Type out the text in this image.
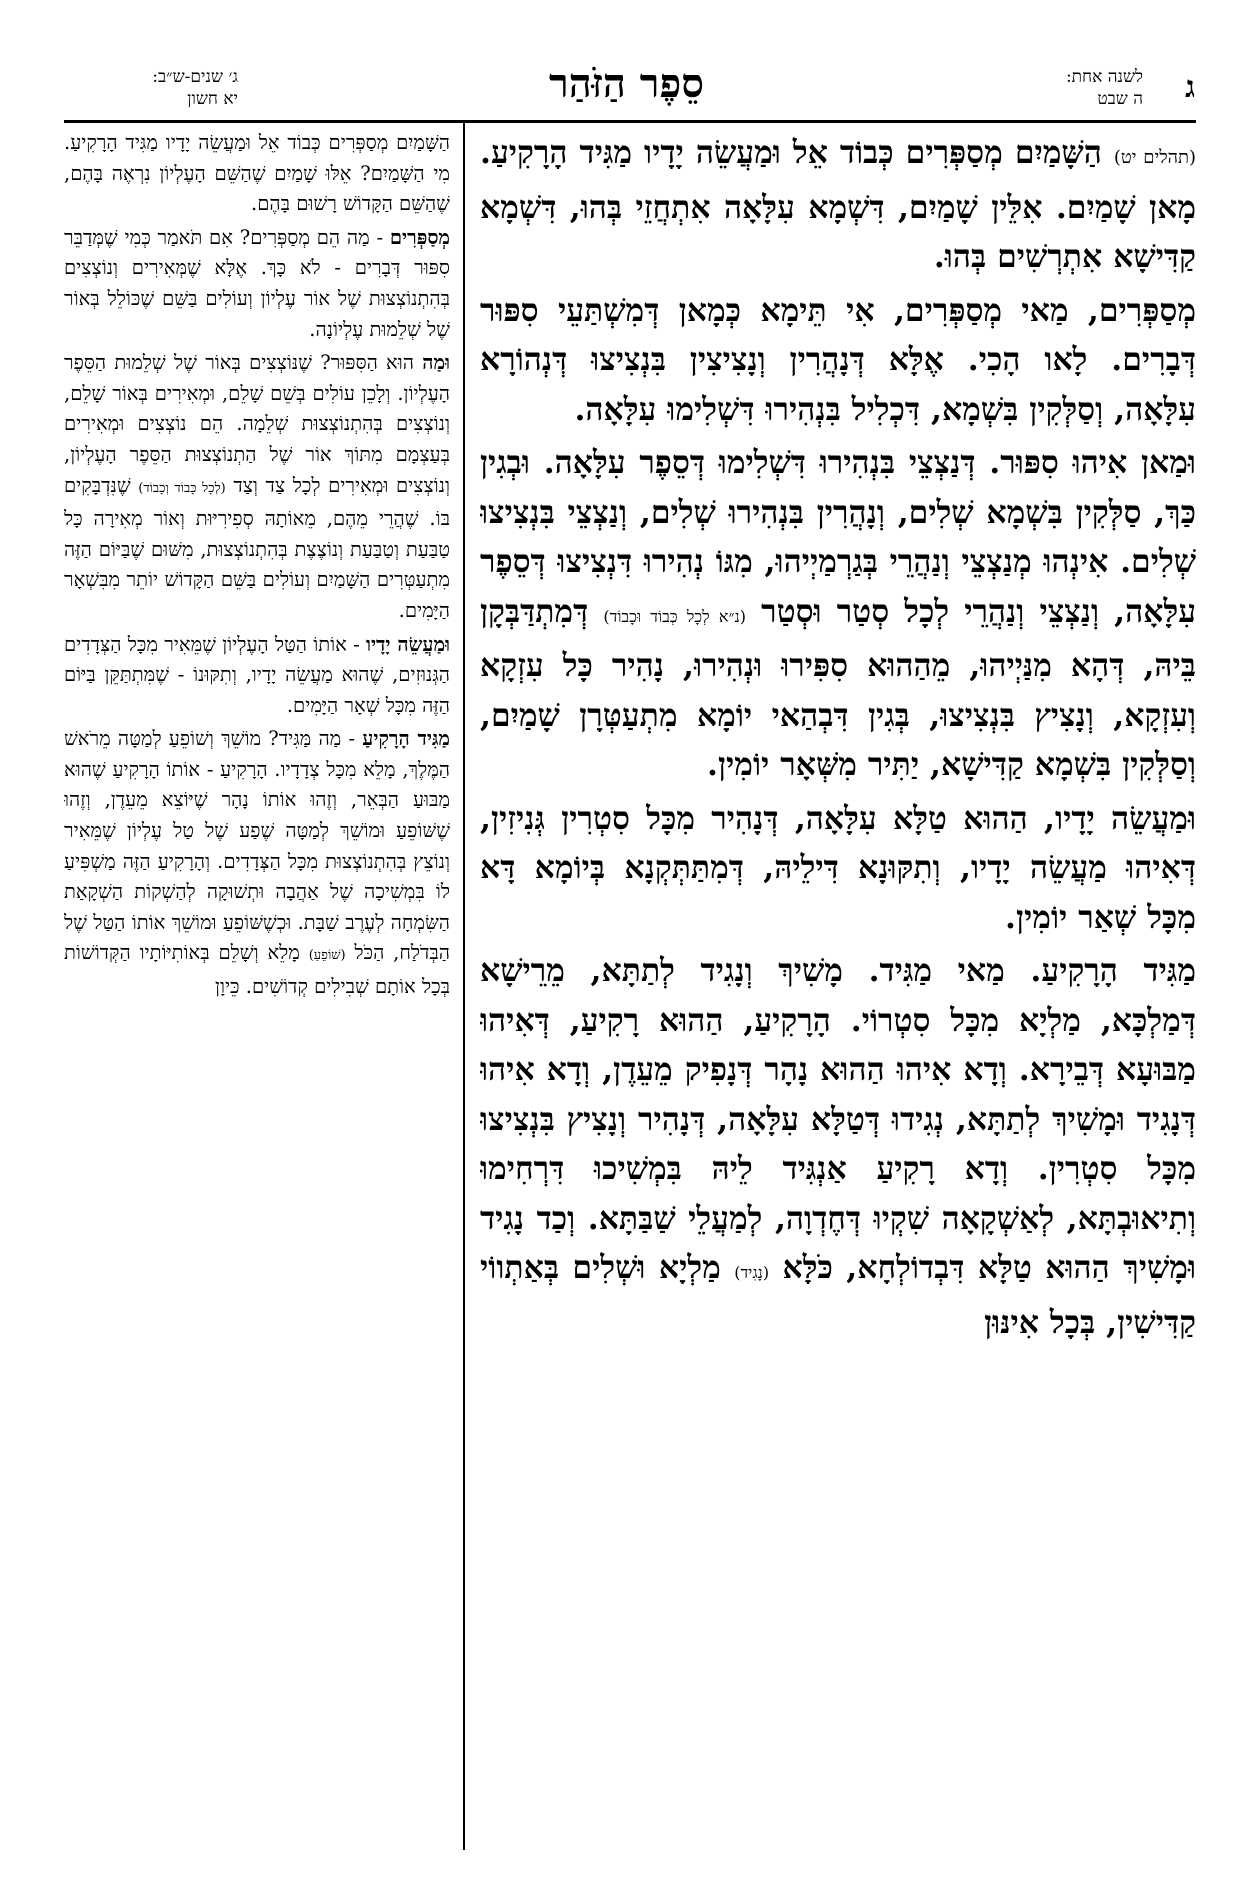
ג
לשנה אחת:
ה שבט
סֵפֶר הַזֹּהַר
ג׳ שנים-ש״ב:
יא חשון

(תהלים יט) הַשָּׁמַיִם מְסַפְּרִים כְּבוֹד אֵל וּמַעֲשֵׂה יָדָיו מַגִּיד הָרָקִיעַ. מָאן שָׁמַיִם. אִלֵּין שָׁמַיִם, דִּשְׁמָא עִלָּאָה אִתְחֲזֵי בְּהוּ, דִּשְׁמָא קַדִּישָׁא אִתְרְשִׁים בְּהוּ.

מְסַפְּרִים, מַאי מְסַפְּרִים, אִי תֵּימָא כְּמָאן דְּמִשְׁתַּעֵי סִפּוּר דְּבָרִים. לָאו הָכִי. אֶלָּא דְּנָהֲרִין וְנָצִיצִין בִּנְצִיצוּ דְּנְהוֹרָא עִלָּאָה, וְסַלְּקִין בִּשְׁמָא, דִּכְלִיל בִּנְהִירוּ דִּשְׁלִימוּ עִלָּאָה.

וּמַאן אִיהוּ סִפּוּר. דְּנַצְצֵי בִּנְהִירוּ דִּשְׁלִימוּ דְּסֵפֶר עִלָּאָה. וּבְגִין כַּךְ, סַלְּקִין בִּשְׁמָא שְׁלִים, וְנָהֲרִין בִּנְהִירוּ שְׁלִים, וְנַצְצֵי בִּנְצִיצוּ שְׁלִים. אִינְהוּ מְנַצְצֵי וְנַהֲרֵי בְּגַרְמַיְיהוּ, מִגּוֹ נְהִירוּ דִּנְצִיצוּ דְּסֵפֶר עִלָּאָה, וְנַצְצֵי וְנַהֲרֵי לְכָל סְטַר וּסְטַר (נ״א לְכָל כְּבוֹד וּכָבוֹד) דְּמִתְדַּבְּקָן בֵּיהּ, דְּהָא מִנַּיְיהוּ, מֵהַהוּא סִפִּירוּ וּנְהִירוּ, נָהִיר כָּל עִזְקָא וְעִזְקָא, וְנָצִיץ בִּנְצִיצוּ, בְּגִין דִּבְהַאי יוֹמָא מִתְעַטְּרָן שָׁמַיִם, וְסַלְּקִין בִּשְׁמָא קַדִּישָׁא, יַתִּיר מִשְּׁאָר יוֹמִין.

וּמַעֲשֵׂה יָדָיו, הַהוּא טַלָּא עִלָּאָה, דְּנָהִיר מִכָּל סִטְרִין גְּנִיזִין, דְּאִיהוּ מַעֲשֵׂה יָדָיו, וְתִקּוּנָא דִּילֵיהּ, דְּמִתַּתְּקְנָא בְּיוֹמָא דָּא מִכָּל שְׁאַר יוֹמִין.

מַגִּיד הָרָקִיעַ. מַאי מַגִּיד. מָשִׁיךְ וְנָגִיד לְתַתָּא, מֵרֵישָׁא דְּמַלְכָּא, מַלְיָא מִכָּל סִטְרוֹי. הָרָקִיעַ, הַהוּא רָקִיעַ, דְּאִיהוּ מַבּוּעָא דְּבֵירָא. וְדָא אִיהוּ הַהוּא נָהָר דְּנָפִיק מֵעֵדֶן, וְדָא אִיהוּ דְּנָגִיד וּמָשִׁיךְ לְתַתָּא, נְגִידוּ דְּטַלָּא עִלָּאָה, דְּנָהִיר וְנָצִיץ בִּנְצִיצוּ מִכָּל סִטְרִין. וְדָא רָקִיעַ אַנְגִּיד לֵיהּ בִּמְשִׁיכוּ דִּרְחִימוּ וְתִיאוּבְתָּא, לְאַשְׁקָאָה שִׁקְיוּ דְּחֶדְוָה, לְמַעֲלֵי שַׁבַּתָּא. וְכַד נָגִיד וּמָשִׁיךְ הַהוּא טַלָּא דִּבְדוֹלְחָא, כֹּלָּא (נָגִיד) מַלְיָא וּשְׁלִים בְּאַתְווֹי קַדִּישִׁין, בְּכָל אִינּוּן

הַשָּׁמַיִם מְסַפְּרִים כְּבוֹד אֵל וּמַעֲשֵׂה יָדָיו מַגִּיד הָרָקִיעַ. מִי הַשָּׁמַיִם? אֵלּוּ שָׁמַיִם שֶׁהַשֵּׁם הָעֶלְיוֹן נִרְאֶה בָּהֶם, שֶׁהַשֵּׁם הַקָּדוֹשׁ רָשׁוּם בָּהֶם.

מְסַפְּרִים - מַה הֵם מְסַפְּרִים? אִם תֹּאמַר כְּמִי שֶׁמְּדַבֵּר סִפּוּר דְּבָרִים - לֹא כָּךְ. אֶלָּא שֶׁמְּאִירִים וְנוֹצְצִים בְּהִתְנוֹצְצוּת שֶׁל אוֹר עֶלְיוֹן וְעוֹלִים בַּשֵּׁם שֶׁכּוֹלֵל בְּאוֹר שֶׁל שְׁלֵמוּת עֶלְיוֹנָה.

וּמַה הוּא הַסִּפּוּר? שֶׁנּוֹצְצִים בְּאוֹר שֶׁל שְׁלֵמוּת הַסֵּפֶר הָעֶלְיוֹן. וְלָכֵן עוֹלִים בְּשֵׁם שָׁלֵם, וּמְאִירִים בְּאוֹר שָׁלֵם, וְנוֹצְצִים בְּהִתְנוֹצְצוּת שְׁלֵמָה. הֵם נוֹצְצִים וּמְאִירִים בְּעַצְמָם מִתּוֹךְ אוֹר שֶׁל הַתְנוֹצְצוּת הַסֵּפֶר הָעֶלְיוֹן, וְנוֹצְצִים וּמְאִירִים לְכָל צַד וְצַד (לְכָל כָּבוֹד וְכָבוֹד) שֶׁנִּדְבָּקִים בּוֹ. שֶׁהֲרֵי מֵהֶם, מֵאוֹתָהּ סְפִירִיּוּת וְאוֹר מְאִירָה כָּל טַבַּעַת וְטַבַּעַת וְנוֹצֶצֶת בְּהִתְנוֹצְצוּת, מִשּׁוּם שֶׁבַּיּוֹם הַזֶּה מִתְעַטְּרִים הַשָּׁמַיִם וְעוֹלִים בַּשֵּׁם הַקָּדוֹשׁ יוֹתֵר מִבִּשְׁאָר הַיָּמִים.

וּמַעֲשֵׂה יָדָיו - אוֹתוֹ הַטַּל הָעֶלְיוֹן שֶׁמֵּאִיר מִכָּל הַצְּדָדִים הַגְּנוּזִים, שֶׁהוּא מַעֲשֵׂה יָדָיו, וְתִקּוּנוֹ - שֶׁמִּתְתַּקֵּן בַּיּוֹם הַזֶּה מִכָּל שְׁאָר הַיָּמִים.

מַגִּיד הָרָקִיעַ - מַה מַּגִּיד? מוֹשֵׁךְ וְשׁוֹפֵעַ לְמַטָּה מֵרֹאשׁ הַמֶּלֶךְ, מָלֵא מִכָּל צְדָדָיו. הָרָקִיעַ - אוֹתוֹ הָרָקִיעַ שֶׁהוּא מַבּוּעַ הַבְּאֵר, וְזֶהוּ אוֹתוֹ נָהָר שֶׁיּוֹצֵא מֵעֵדֶן, וְזֶהוּ שֶׁשּׁוֹפֵעַ וּמוֹשֵׁךְ לְמַטָּה שֶׁפַע שֶׁל טַל עֶלְיוֹן שֶׁמֵּאִיר וְנוֹצֵץ בְּהִתְנוֹצְצוּת מִכָּל הַצְּדָדִים. וְהָרָקִיעַ הַזֶּה מַשְׁפִּיעַ לוֹ בִּמְשִׁיכָה שֶׁל אַהֲבָה וּתְשׁוּקָה לְהַשְׁקוֹת הַשְׁקָאַת הַשִּׂמְחָה לְעֶרֶב שַׁבָּת. וּכְשֶׁשּׁוֹפֵעַ וּמוֹשֵׁךְ אוֹתוֹ הַטַּל שֶׁל הַבְּדֹלַח, הַכֹּל (שׁוֹפֵעַ) מָלֵא וְשָׁלֵם בְּאוֹתִיּוֹתָיו הַקְּדוֹשׁוֹת בְּכָל אוֹתָם שְׁבִילִים קְדוֹשִׁים. כֵּיוָן
